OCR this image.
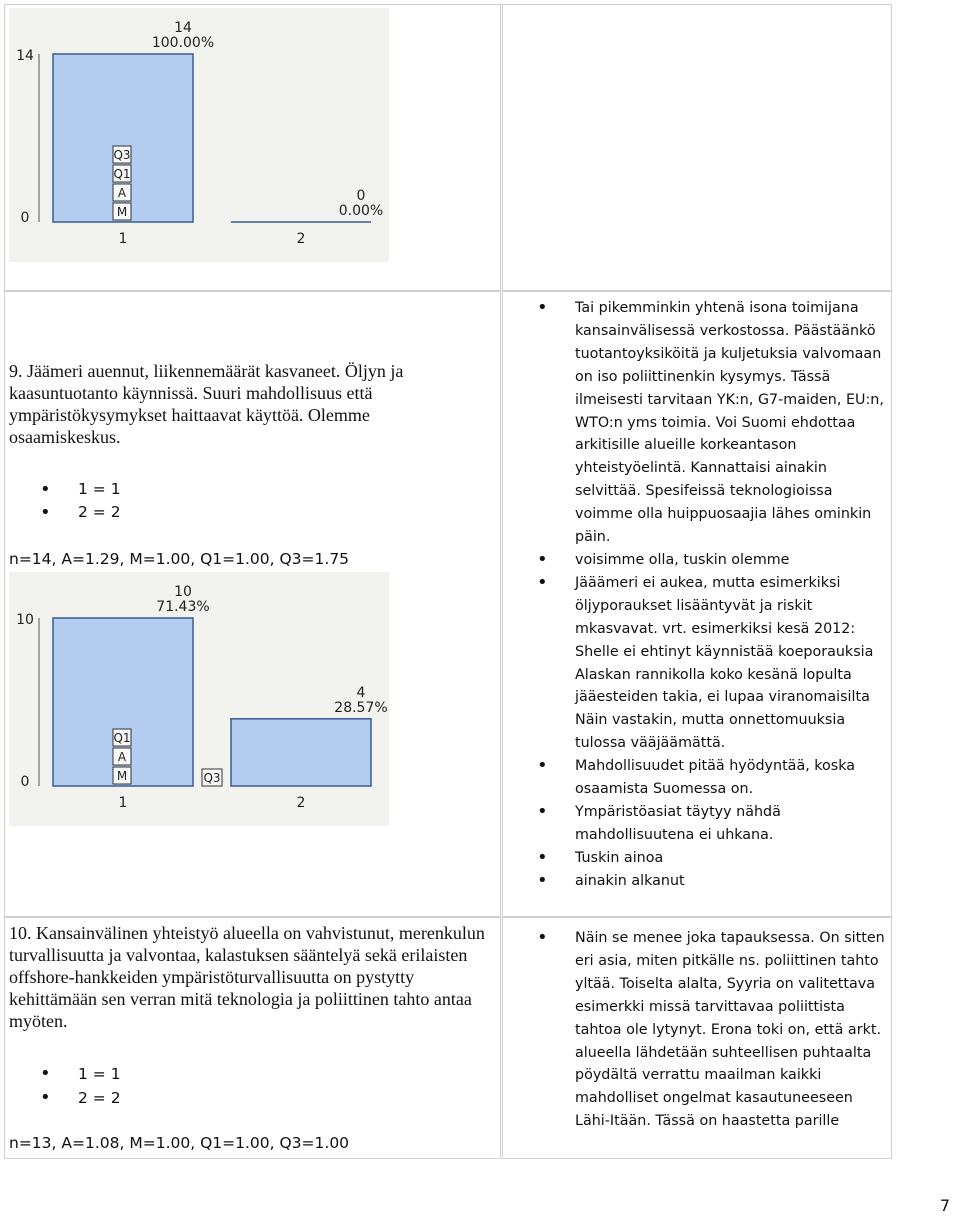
14
0
14
100.00%
1
Q3
Q1
A
M
0
0.00%
2
9. Jäämeri auennut, liikennemäärät kasvaneet. Öljyn ja kaasuntuotanto käynnissä. Suuri mahdollisuus että ympäristökysymykset haittaavat käyttöä. Olemme osaamiskeskus.
• 1 = 1
• 2 = 2
n=14, A=1.29, M=1.00, Q1=1.00, Q3=1.75
10
0
10
71.43%
1
Q1
A
M
4
28.57%
2
Q3
• Tai pikemminkin yhtenä isona toimijana kansainvälisessä verkostossa. Päästäänkö tuotantoyksiköitä ja kuljetuksia valvomaan on iso poliittinenkin kysymys. Tässä ilmeisesti tarvitaan YK:n, G7-maiden, EU:n, WTO:n yms toimia. Voi Suomi ehdottaa arkitisille alueille korkeantason yhteistyöelintä. Kannattaisi ainakin selvittää. Spesifeissä teknologioissa voimme olla huippuosaajia lähes ominkin päin.
• voisimme olla, tuskin olemme
• Jääämeri ei aukea, mutta esimerkiksi öljyporaukset lisääntyvät ja riskit mkasvavat. vrt. esimerkiksi kesä 2012: Shelle ei ehtinyt käynnistää koeporauksia Alaskan rannikolla koko kesänä lopulta jääesteiden takia, ei lupaa viranomaisilta Näin vastakin, mutta onnettomuuksia tulossa vääjäämättä.
• Mahdollisuudet pitää hyödyntää, koska osaamista Suomessa on.
• Ympäristöasiat täytyy nähdä mahdollisuutena ei uhkana.
• Tuskin ainoa
• ainakin alkanut
10. Kansainvälinen yhteistyö alueella on vahvistunut, merenkulun turvallisuutta ja valvontaa, kalastuksen sääntelyä sekä erilaisten offshore-hankkeiden ympäristöturvallisuutta on pystytty kehittämään sen verran mitä teknologia ja poliittinen tahto antaa myöten.
• 1 = 1
• 2 = 2
n=13, A=1.08, M=1.00, Q1=1.00, Q3=1.00
• Näin se menee joka tapauksessa. On sitten eri asia, miten pitkälle ns. poliittinen tahto yltää. Toiselta alalta, Syyria on valitettava esimerkki missä tarvittavaa poliittista tahtoa ole lytynyt. Erona toki on, että arkt. alueella lähdetään suhteellisen puhtaalta pöydältä verrattu maailman kaikki mahdolliset ongelmat kasautuneeseen Lähi-Itään. Tässä on haastetta parille
7
